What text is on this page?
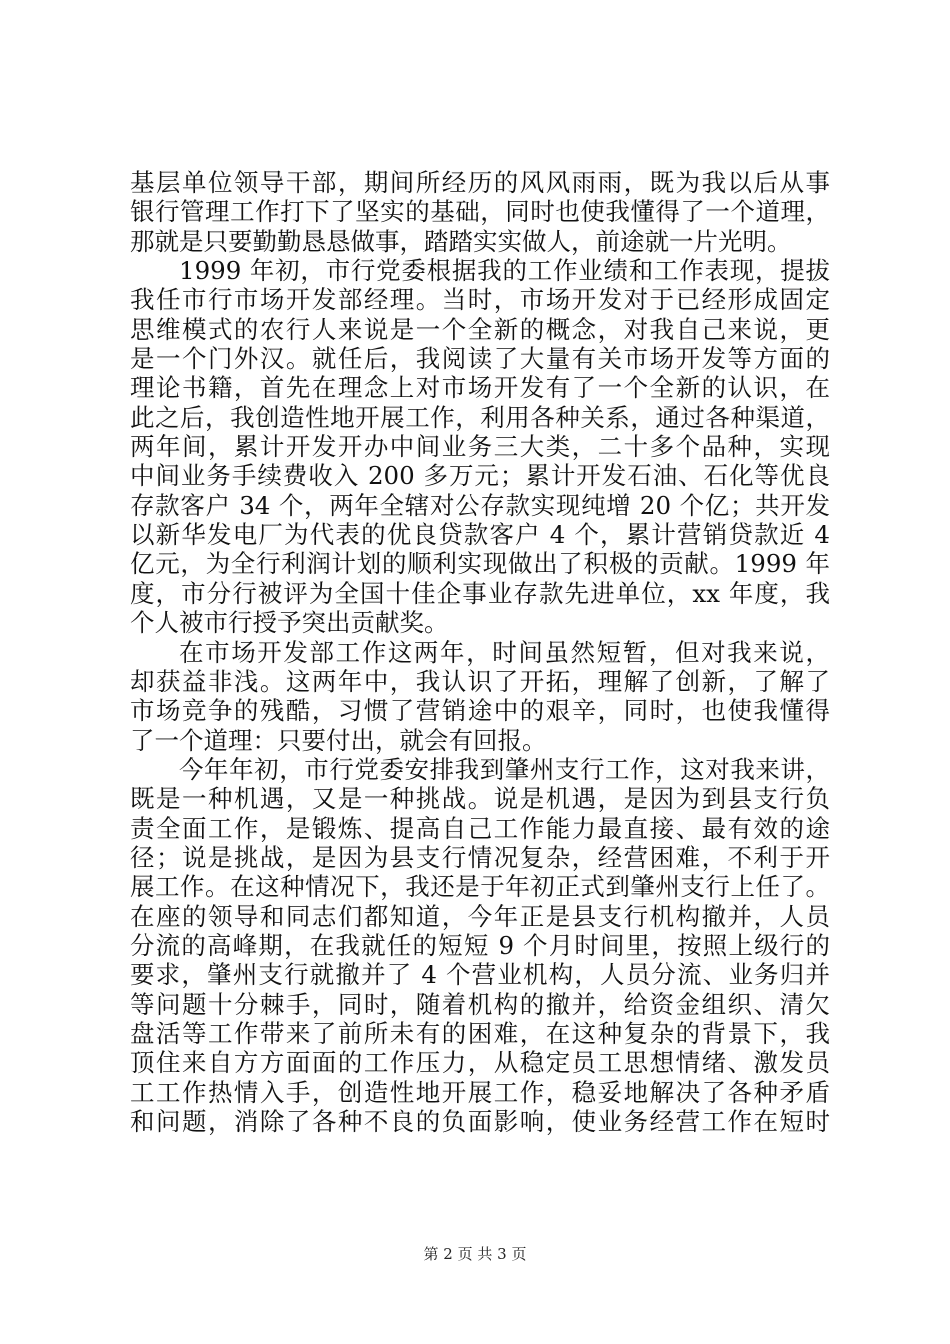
基层单位领导干部，期间所经历的风风雨雨，既为我以后从事
银行管理工作打下了坚实的基础，同时也使我懂得了一个道理，
那就是只要勤勤恳恳做事，踏踏实实做人，前途就一片光明。
1999 年初，市行党委根据我的工作业绩和工作表现，提拔
我任市行市场开发部经理。当时，市场开发对于已经形成固定
思维模式的农行人来说是一个全新的概念，对我自己来说，更
是一个门外汉。就任后，我阅读了大量有关市场开发等方面的
理论书籍，首先在理念上对市场开发有了一个全新的认识，在
此之后，我创造性地开展工作，利用各种关系，通过各种渠道，
两年间，累计开发开办中间业务三大类，二十多个品种，实现
中间业务手续费收入 200 多万元；累计开发石油、石化等优良
存款客户 34 个，两年全辖对公存款实现纯增 20 个亿；共开发
以新华发电厂为代表的优良贷款客户 4 个，累计营销贷款近 4
亿元，为全行利润计划的顺利实现做出了积极的贡献。1999 年
度，市分行被评为全国十佳企事业存款先进单位，xx 年度，我
个人被市行授予突出贡献奖。
在市场开发部工作这两年，时间虽然短暂，但对我来说，
却获益非浅。这两年中，我认识了开拓，理解了创新，了解了
市场竞争的残酷，习惯了营销途中的艰辛，同时，也使我懂得
了一个道理：只要付出，就会有回报。
今年年初，市行党委安排我到肇州支行工作，这对我来讲，
既是一种机遇，又是一种挑战。说是机遇，是因为到县支行负
责全面工作，是锻炼、提高自己工作能力最直接、最有效的途
径；说是挑战，是因为县支行情况复杂，经营困难，不利于开
展工作。在这种情况下，我还是于年初正式到肇州支行上任了。
在座的领导和同志们都知道，今年正是县支行机构撤并，人员
分流的高峰期，在我就任的短短 9 个月时间里，按照上级行的
要求，肇州支行就撤并了 4 个营业机构，人员分流、业务归并
等问题十分棘手，同时，随着机构的撤并，给资金组织、清欠
盘活等工作带来了前所未有的困难，在这种复杂的背景下，我
顶住来自方方面面的工作压力，从稳定员工思想情绪、激发员
工工作热情入手，创造性地开展工作，稳妥地解决了各种矛盾
和问题，消除了各种不良的负面影响，使业务经营工作在短时
第 2 页 共 3 页
